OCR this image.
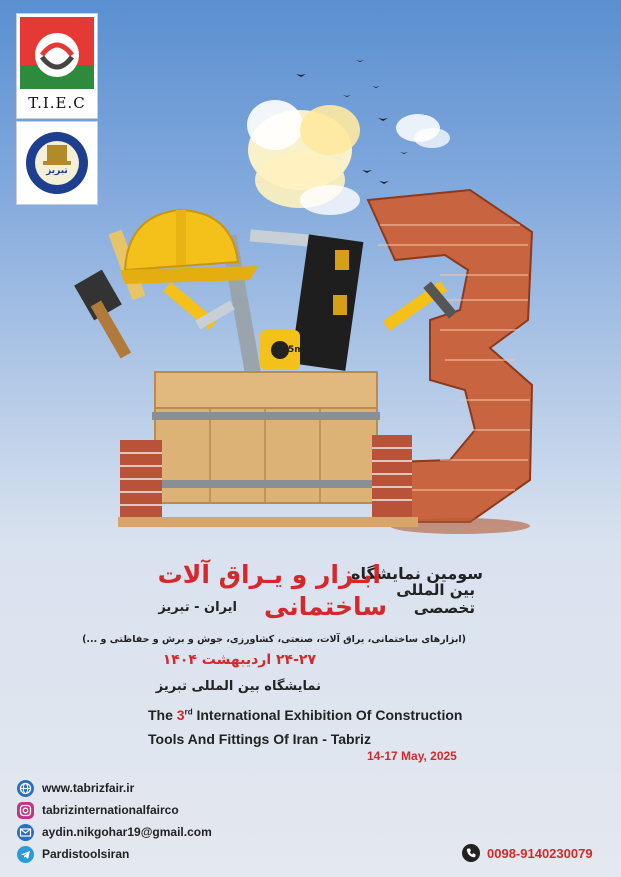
5m
T.I.E.C
تبریز
سومین نمایشگاه
بین المللی
تخصصی
ابـزار و یـراق آلات
ساختمانی
ایران - تبریز
(ابزارهای ساختمانی، یراق آلات، صنعتی، کشاورزی، جوش و برش و حفاظتی و ...)
۲۴-۲۷ اردیبهشت ۱۴۰۴
نمایشگاه بین المللی تبریز
The 3rd International Exhibition Of Construction
Tools And Fittings Of Iran - Tabriz
14-17 May, 2025
www.tabrizfair.ir
tabrizinternationalfairco
aydin.nikgohar19@gmail.com
Pardistoolsiran	0098-9140230079
